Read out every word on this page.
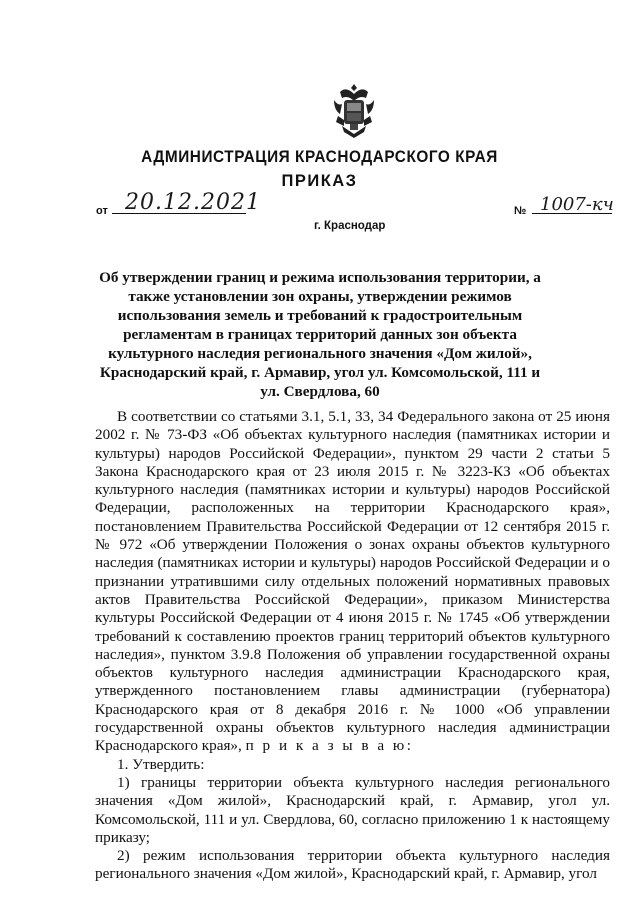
АДМИНИСТРАЦИЯ КРАСНОДАРСКОГО КРАЯ
ПРИКАЗ
от 20.12.2021
г. Краснодар
№ 1007-кч
Об утверждении границ и режима использования территории, а также установлении зон охраны, утверждении режимов использования земель и требований к градостроительным регламентам в границах территорий данных зон объекта культурного наследия регионального значения «Дом жилой», Краснодарский край, г. Армавир, угол ул. Комсомольской, 111 и ул. Свердлова, 60

В соответствии со статьями 3.1, 5.1, 33, 34 Федерального закона от 25 июня 2002 г. № 73-ФЗ «Об объектах культурного наследия (памятниках истории и культуры) народов Российской Федерации», пунктом 29 части 2 статьи 5 Закона Краснодарского края от 23 июля 2015 г. № 3223-КЗ «Об объектах культурного наследия (памятниках истории и культуры) народов Российской Федерации, расположенных на территории Краснодарского края», постановлением Правительства Российской Федерации от 12 сентября 2015 г. № 972 «Об утверждении Положения о зонах охраны объектов культурного наследия (памятниках истории и культуры) народов Российской Федерации и о признании утратившими силу отдельных положений нормативных правовых актов Правительства Российской Федерации», приказом Министерства культуры Российской Федерации от 4 июня 2015 г. № 1745 «Об утверждении требований к составлению проектов границ территорий объектов культурного наследия», пунктом 3.9.8 Положения об управлении государственной охраны объектов культурного наследия администрации Краснодарского края, утвержденного постановлением главы администрации (губернатора) Краснодарского края от 8 декабря 2016 г. № 1000 «Об управлении государственной охраны объектов культурного наследия администрации Краснодарского края», п р и к а з ы в а ю:

1. Утвердить:

1) границы территории объекта культурного наследия регионального значения «Дом жилой», Краснодарский край, г. Армавир, угол ул. Комсомольской, 111 и ул. Свердлова, 60, согласно приложению 1 к настоящему приказу;

2) режим использования территории объекта культурного наследия регионального значения «Дом жилой», Краснодарский край, г. Армавир, угол
